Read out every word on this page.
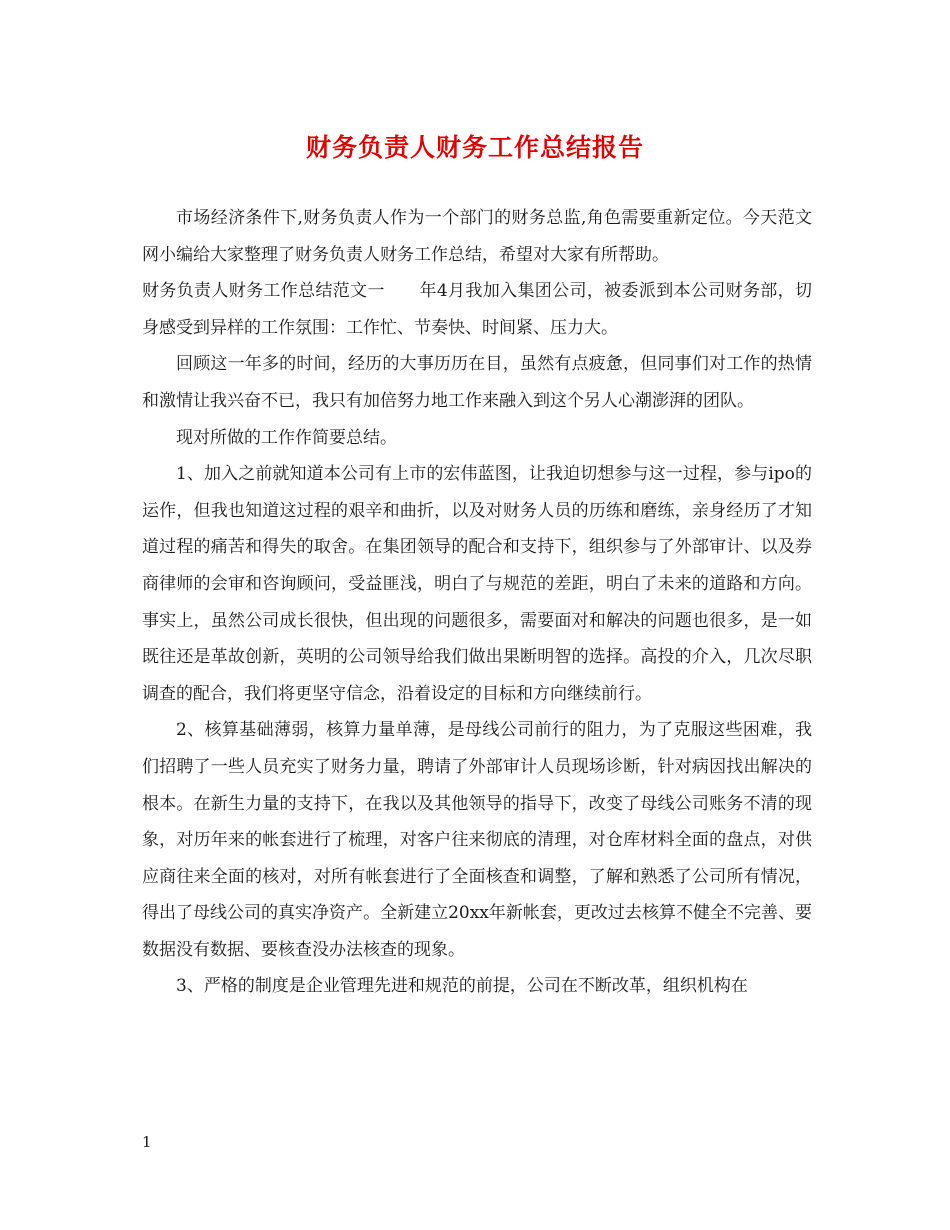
财务负责人财务工作总结报告

市场经济条件下,财务负责人作为一个部门的财务总监,角色需要重新定位。今天范文网小编给大家整理了财务负责人财务工作总结，希望对大家有所帮助。

财务负责人财务工作总结范文一　　年4月我加入集团公司，被委派到本公司财务部，切身感受到异样的工作氛围：工作忙、节奏快、时间紧、压力大。

回顾这一年多的时间，经历的大事历历在目，虽然有点疲惫，但同事们对工作的热情和激情让我兴奋不已，我只有加倍努力地工作来融入到这个另人心潮澎湃的团队。

现对所做的工作作简要总结。

1、加入之前就知道本公司有上市的宏伟蓝图，让我迫切想参与这一过程，参与ipo的运作，但我也知道这过程的艰辛和曲折，以及对财务人员的历练和磨练，亲身经历了才知道过程的痛苦和得失的取舍。在集团领导的配合和支持下，组织参与了外部审计、以及券商律师的会审和咨询顾问，受益匪浅，明白了与规范的差距，明白了未来的道路和方向。事实上，虽然公司成长很快，但出现的问题很多，需要面对和解决的问题也很多，是一如既往还是革故创新，英明的公司领导给我们做出果断明智的选择。高投的介入，几次尽职调查的配合，我们将更坚守信念，沿着设定的目标和方向继续前行。

2、核算基础薄弱，核算力量单薄，是母线公司前行的阻力，为了克服这些困难，我们招聘了一些人员充实了财务力量，聘请了外部审计人员现场诊断，针对病因找出解决的根本。在新生力量的支持下，在我以及其他领导的指导下，改变了母线公司账务不清的现象，对历年来的帐套进行了梳理，对客户往来彻底的清理，对仓库材料全面的盘点，对供应商往来全面的核对，对所有帐套进行了全面核查和调整，了解和熟悉了公司所有情况，得出了母线公司的真实净资产。全新建立20xx年新帐套，更改过去核算不健全不完善、要数据没有数据、要核查没办法核查的现象。

3、严格的制度是企业管理先进和规范的前提，公司在不断改革，组织机构在

1
